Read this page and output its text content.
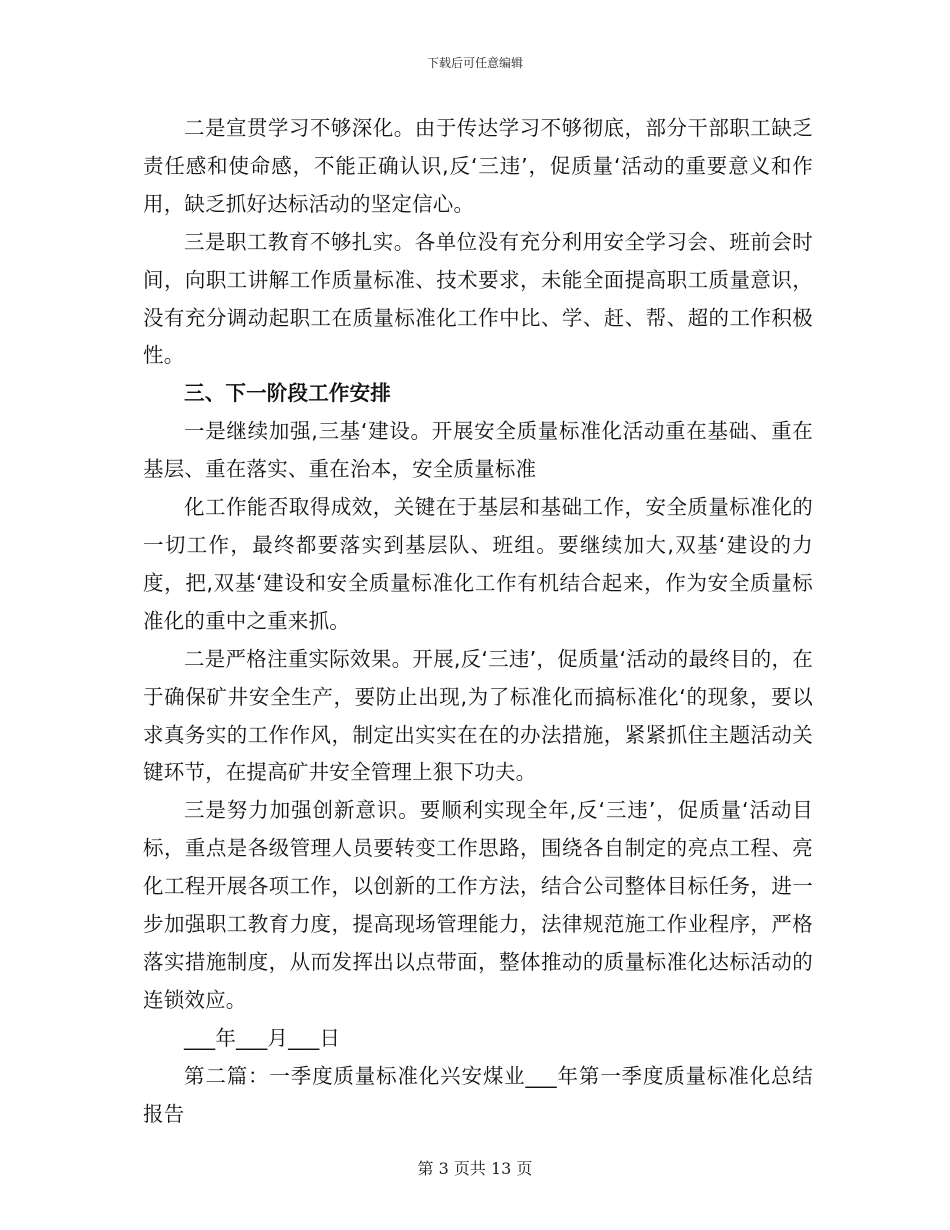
下载后可任意编辑

二是宣贯学习不够深化。由于传达学习不够彻底，部分干部职工缺乏责任感和使命感，不能正确认识,反‘三违’，促质量‘活动的重要意义和作用，缺乏抓好达标活动的坚定信心。

三是职工教育不够扎实。各单位没有充分利用安全学习会、班前会时间，向职工讲解工作质量标准、技术要求，未能全面提高职工质量意识，没有充分调动起职工在质量标准化工作中比、学、赶、帮、超的工作积极性。

三、下一阶段工作安排

一是继续加强,三基‘建设。开展安全质量标准化活动重在基础、重在基层、重在落实、重在治本，安全质量标准

化工作能否取得成效，关键在于基层和基础工作，安全质量标准化的一切工作，最终都要落实到基层队、班组。要继续加大,双基‘建设的力度，把,双基‘建设和安全质量标准化工作有机结合起来，作为安全质量标准化的重中之重来抓。

二是严格注重实际效果。开展,反‘三违’，促质量‘活动的最终目的，在于确保矿井安全生产，要防止出现,为了标准化而搞标准化‘的现象，要以求真务实的工作作风，制定出实实在在的办法措施，紧紧抓住主题活动关键环节，在提高矿井安全管理上狠下功夫。

三是努力加强创新意识。要顺利实现全年,反‘三违’，促质量‘活动目标，重点是各级管理人员要转变工作思路，围绕各自制定的亮点工程、亮化工程开展各项工作，以创新的工作方法，结合公司整体目标任务，进一步加强职工教育力度，提高现场管理能力，法律规范施工作业程序，严格落实措施制度，从而发挥出以点带面，整体推动的质量标准化达标活动的连锁效应。

___年___月___日

第二篇：一季度质量标准化兴安煤业___年第一季度质量标准化总结报告

第 3 页共 13 页
